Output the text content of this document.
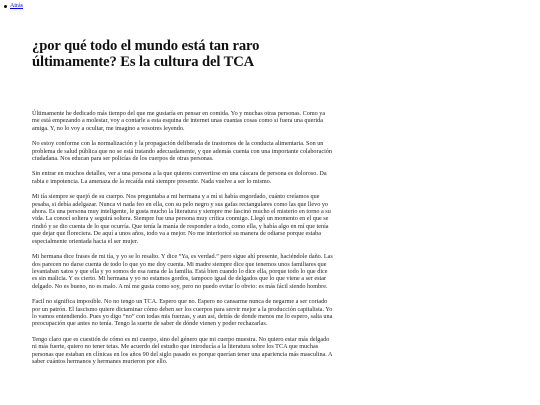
Atrás
¿por qué todo el mundo está tan raro
últimamente? Es la cultura del TCA

Últimamente he dedicado más tiempo del que me gustaría en pensar en comida. Yo y muchas otras personas. Como ya me está empezando a molestar, voy a contarle a esta esquina de internet unas cuantas cosas como si fuera una querida amiga. Y, no lo voy a ocultar, me imagino a vosotres leyendo.

No estoy conforme con la normalización y la propagación deliberada de trastornos de la conducta alimentaria. Son un problema de salud pública que no se está tratando adecuadamente, y que además cuenta con una importante colaboración ciudadana. Nos educan para ser policías de los cuerpos de otras personas.

Sin entrar en muchos detalles, ver a una persona a la que quieres convertirse en una cáscara de persona es doloroso. Da rabia e impotencia. La amenaza de la recaída está siempre presente. Nada vuelve a ser lo mismo.

Mi tía siempre se quejó de su cuerpo. Nos preguntaba a mi hermana y a mí si había engordado, cuánto creíamos que pesaba, si debía adelgazar. Nunca vi nada feo en ella, con su pelo negro y sus gafas rectangulares como las que llevo yo ahora. Es una persona muy inteligente, le gusta mucho la literatura y siempre me fascinó mucho el misterio en torno a su vida. La conocí soltera y seguirá soltera. Siempre fue una persona muy crítica conmigo. Llegó un momento en el que se rindió y se dio cuenta de lo que ocurría. Que tenía la manía de responder a todo, como ella, y había algo en mí que tenía que dejar que floreciera. De aquí a unos años, todo va a mejor. No me interioricé su manera de odiarse porque estaba especialmente orientada hacia el ser mujer.

Mi hermana dice frases de mi tía, y yo se lo resalto. Y dice “Ya, es verdad.” pero sigue ahí presente, haciéndole daño. Las dos parecen no darse cuenta de todo lo que yo me doy cuenta. Mi madre siempre dice que tenemos unos familiares que levantaban xatos y que ella y yo somos de esa rama de la familia. Está bien cuando lo dice ella, porque todo lo que dice es sin malicia. Y es cierto. Mi hermana y yo no estamos gordos, tampoco igual de delgados que lo que viene a ser estar delgado. No es bueno, no es malo. A mí me gusta como soy, pero no puedo evitar lo obvio: es más fácil siendo hombre.

Facil no significa imposible. No no tengo un TCA. Espero que no. Espero no cansarme nunca de negarme a ser cortado por un patrón. El fascismo quiere dictaminar cómo deben ser los cuerpos para servir mejor a la producción capitalista. Yo lo vamos entendiendo. Pues yo digo “no” con todas mis fuerzas, y aun así, detrás de donde menos me lo espero, salta una preocupación que antes no tenía. Tengo la suerte de saber de dónde vienen y poder rechazarlas.

Tengo claro que es cuestión de cómo es mi cuerpo, sino del género que mi cuerpo muestra. No quiero estar más delgado ni más fuerte, quiero no tener tetas. Me acuerdo del estudio que introducía a la literatura sobre los TCA que muchas personas que estaban en clínicas en los años 90 del siglo pasado es porque querían tener una apariencia más masculina. A saber cuántos hermanos y hermanes murieron por ello.
